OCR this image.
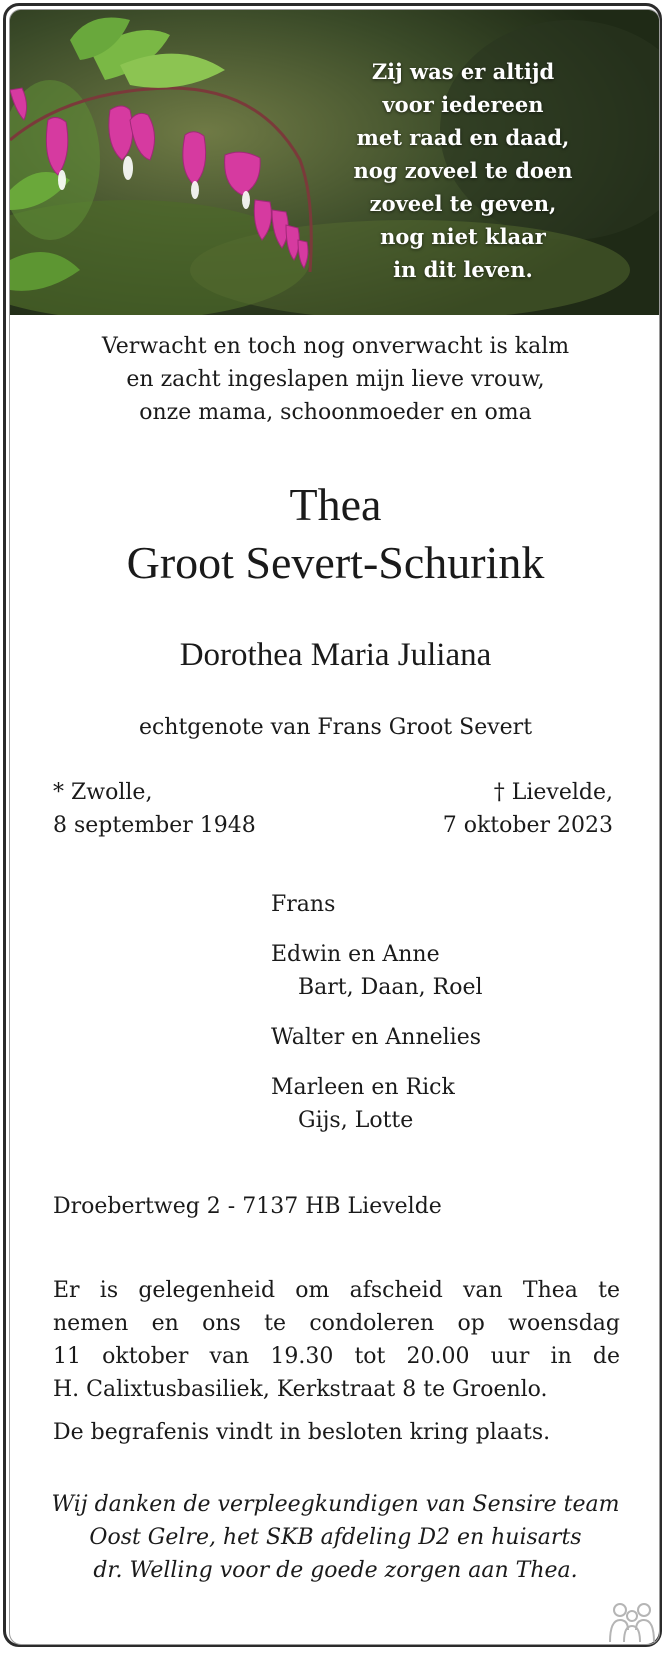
Zij was er altijd
voor iedereen
met raad en daad,
nog zoveel te doen
zoveel te geven,
nog niet klaar
in dit leven.
Verwacht en toch nog onverwacht is kalm
en zacht ingeslapen mijn lieve vrouw,
onze mama, schoonmoeder en oma
Thea
Groot Severt-Schurink
Dorothea Maria Juliana
echtgenote van Frans Groot Severt
* Zwolle,
8 september 1948
† Lievelde,
7 oktober 2023
Frans
Edwin en Anne
Bart, Daan, Roel
Walter en Annelies
Marleen en Rick
Gijs, Lotte
Droebertweg 2 - 7137 HB Lievelde
Er is gelegenheid om afscheid van Thea te
nemen en ons te condoleren op woensdag
11 oktober van 19.30 tot 20.00 uur in de
H. Calixtusbasiliek, Kerkstraat 8 te Groenlo.
De begrafenis vindt in besloten kring plaats.
Wij danken de verpleegkundigen van Sensire team
Oost Gelre, het SKB afdeling D2 en huisarts
dr. Welling voor de goede zorgen aan Thea.
